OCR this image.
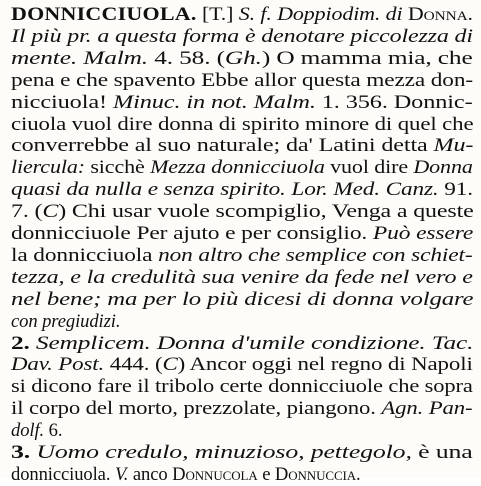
DONNICCIUOLA. [T.] S. f. Doppiodim. di Donna.
Il più pr. a questa forma è denotare piccolezza di
mente. Malm. 4. 58. (Gh.) O mamma mia, che
pena e che spavento Ebbe allor questa mezza don-
nicciuola! Minuc. in not. Malm. 1. 356. Donnic-
ciuola vuol dire donna di spirito minore di quel che
converrebbe al suo naturale; da' Latini detta Mu-
liercula: sicchè Mezza donnicciuola vuol dire Donna
quasi da nulla e senza spirito. Lor. Med. Canz. 91.
7. (C) Chi usar vuole scompiglio, Venga a queste
donnicciuole Per ajuto e per consiglio. Può essere
la donnicciuola non altro che semplice con schiet-
tezza, e la credulità sua venire da fede nel vero e
nel bene; ma per lo più dicesi di donna volgare
con pregiudizi.
2. Semplicem. Donna d'umile condizione. Tac.
Dav. Post. 444. (C) Ancor oggi nel regno di Napoli
si dicono fare il tribolo certe donnicciuole che sopra
il corpo del morto, prezzolate, piangono. Agn. Pan-
dolf. 6.
3. Uomo credulo, minuzioso, pettegolo, è una
donnicciuola. V. anco Donnucola e Donnuccia.
